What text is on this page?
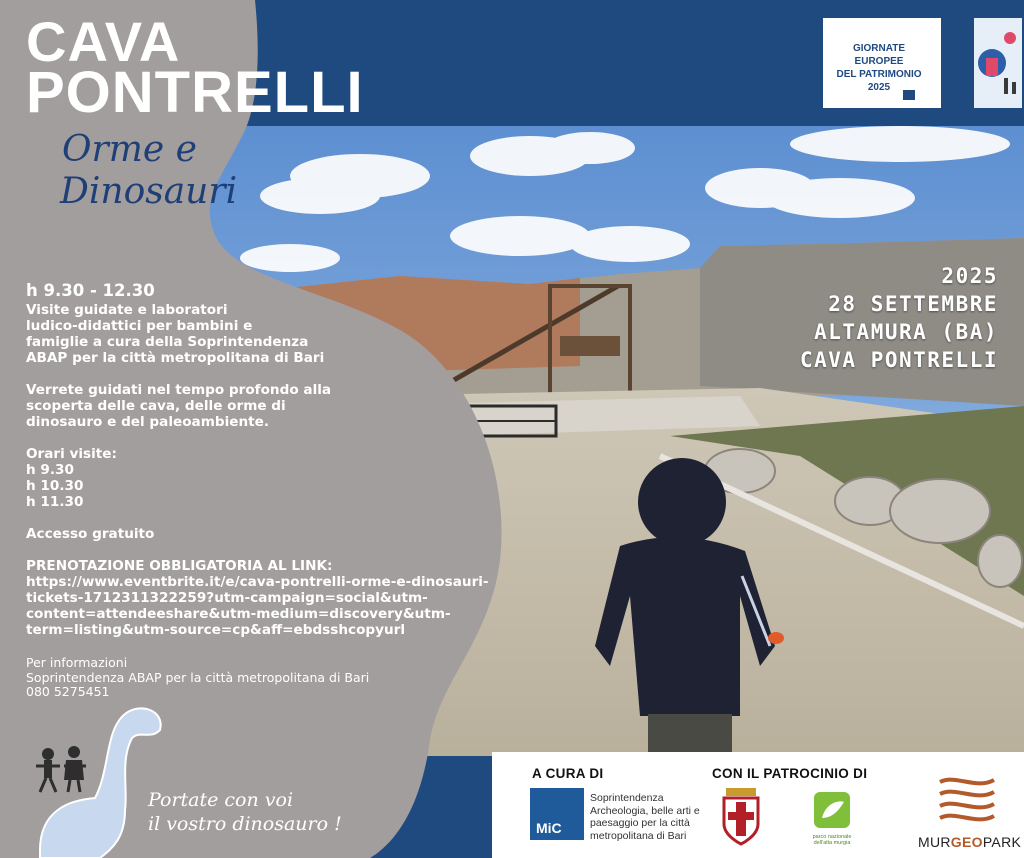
CAVA
PONTRELLI
Orme e
Dinosauri
h 9.30 - 12.30

Visite guidate e laboratori
ludico-didattici per bambini e
famiglie a cura della Soprintendenza
ABAP per la città metropolitana di Bari

Verrete guidati nel tempo profondo alla
scoperta delle cava, delle orme di
dinosauro e del paleoambiente.

Orari visite:
h 9.30
h 10.30
h 11.30

Accesso gratuito

PRENOTAZIONE OBBLIGATORIA AL LINK:
https://www.eventbrite.it/e/cava-pontrelli-orme-e-dinosauri-
tickets-1712311322259?utm-campaign=social&utm-
content=attendeeshare&utm-medium=discovery&utm-
term=listing&utm-source=cp&aff=ebdsshcopyurl

Per informazioni
Soprintendenza ABAP per la città metropolitana di Bari
080 5275451
2025
28 SETTEMBRE
ALTAMURA (BA)
CAVA PONTRELLI
GIORNATE EUROPEE
DEL PATRIMONIO
2025
Portate con voi
il vostro dinosauro !
A CURA DI	CON IL PATROCINIO DI
MiC
Soprintendenza
Archeologia, belle arti e
paesaggio per la città
metropolitana di Bari	parco nazionale dell'alta murgia	MURGEOPARK
